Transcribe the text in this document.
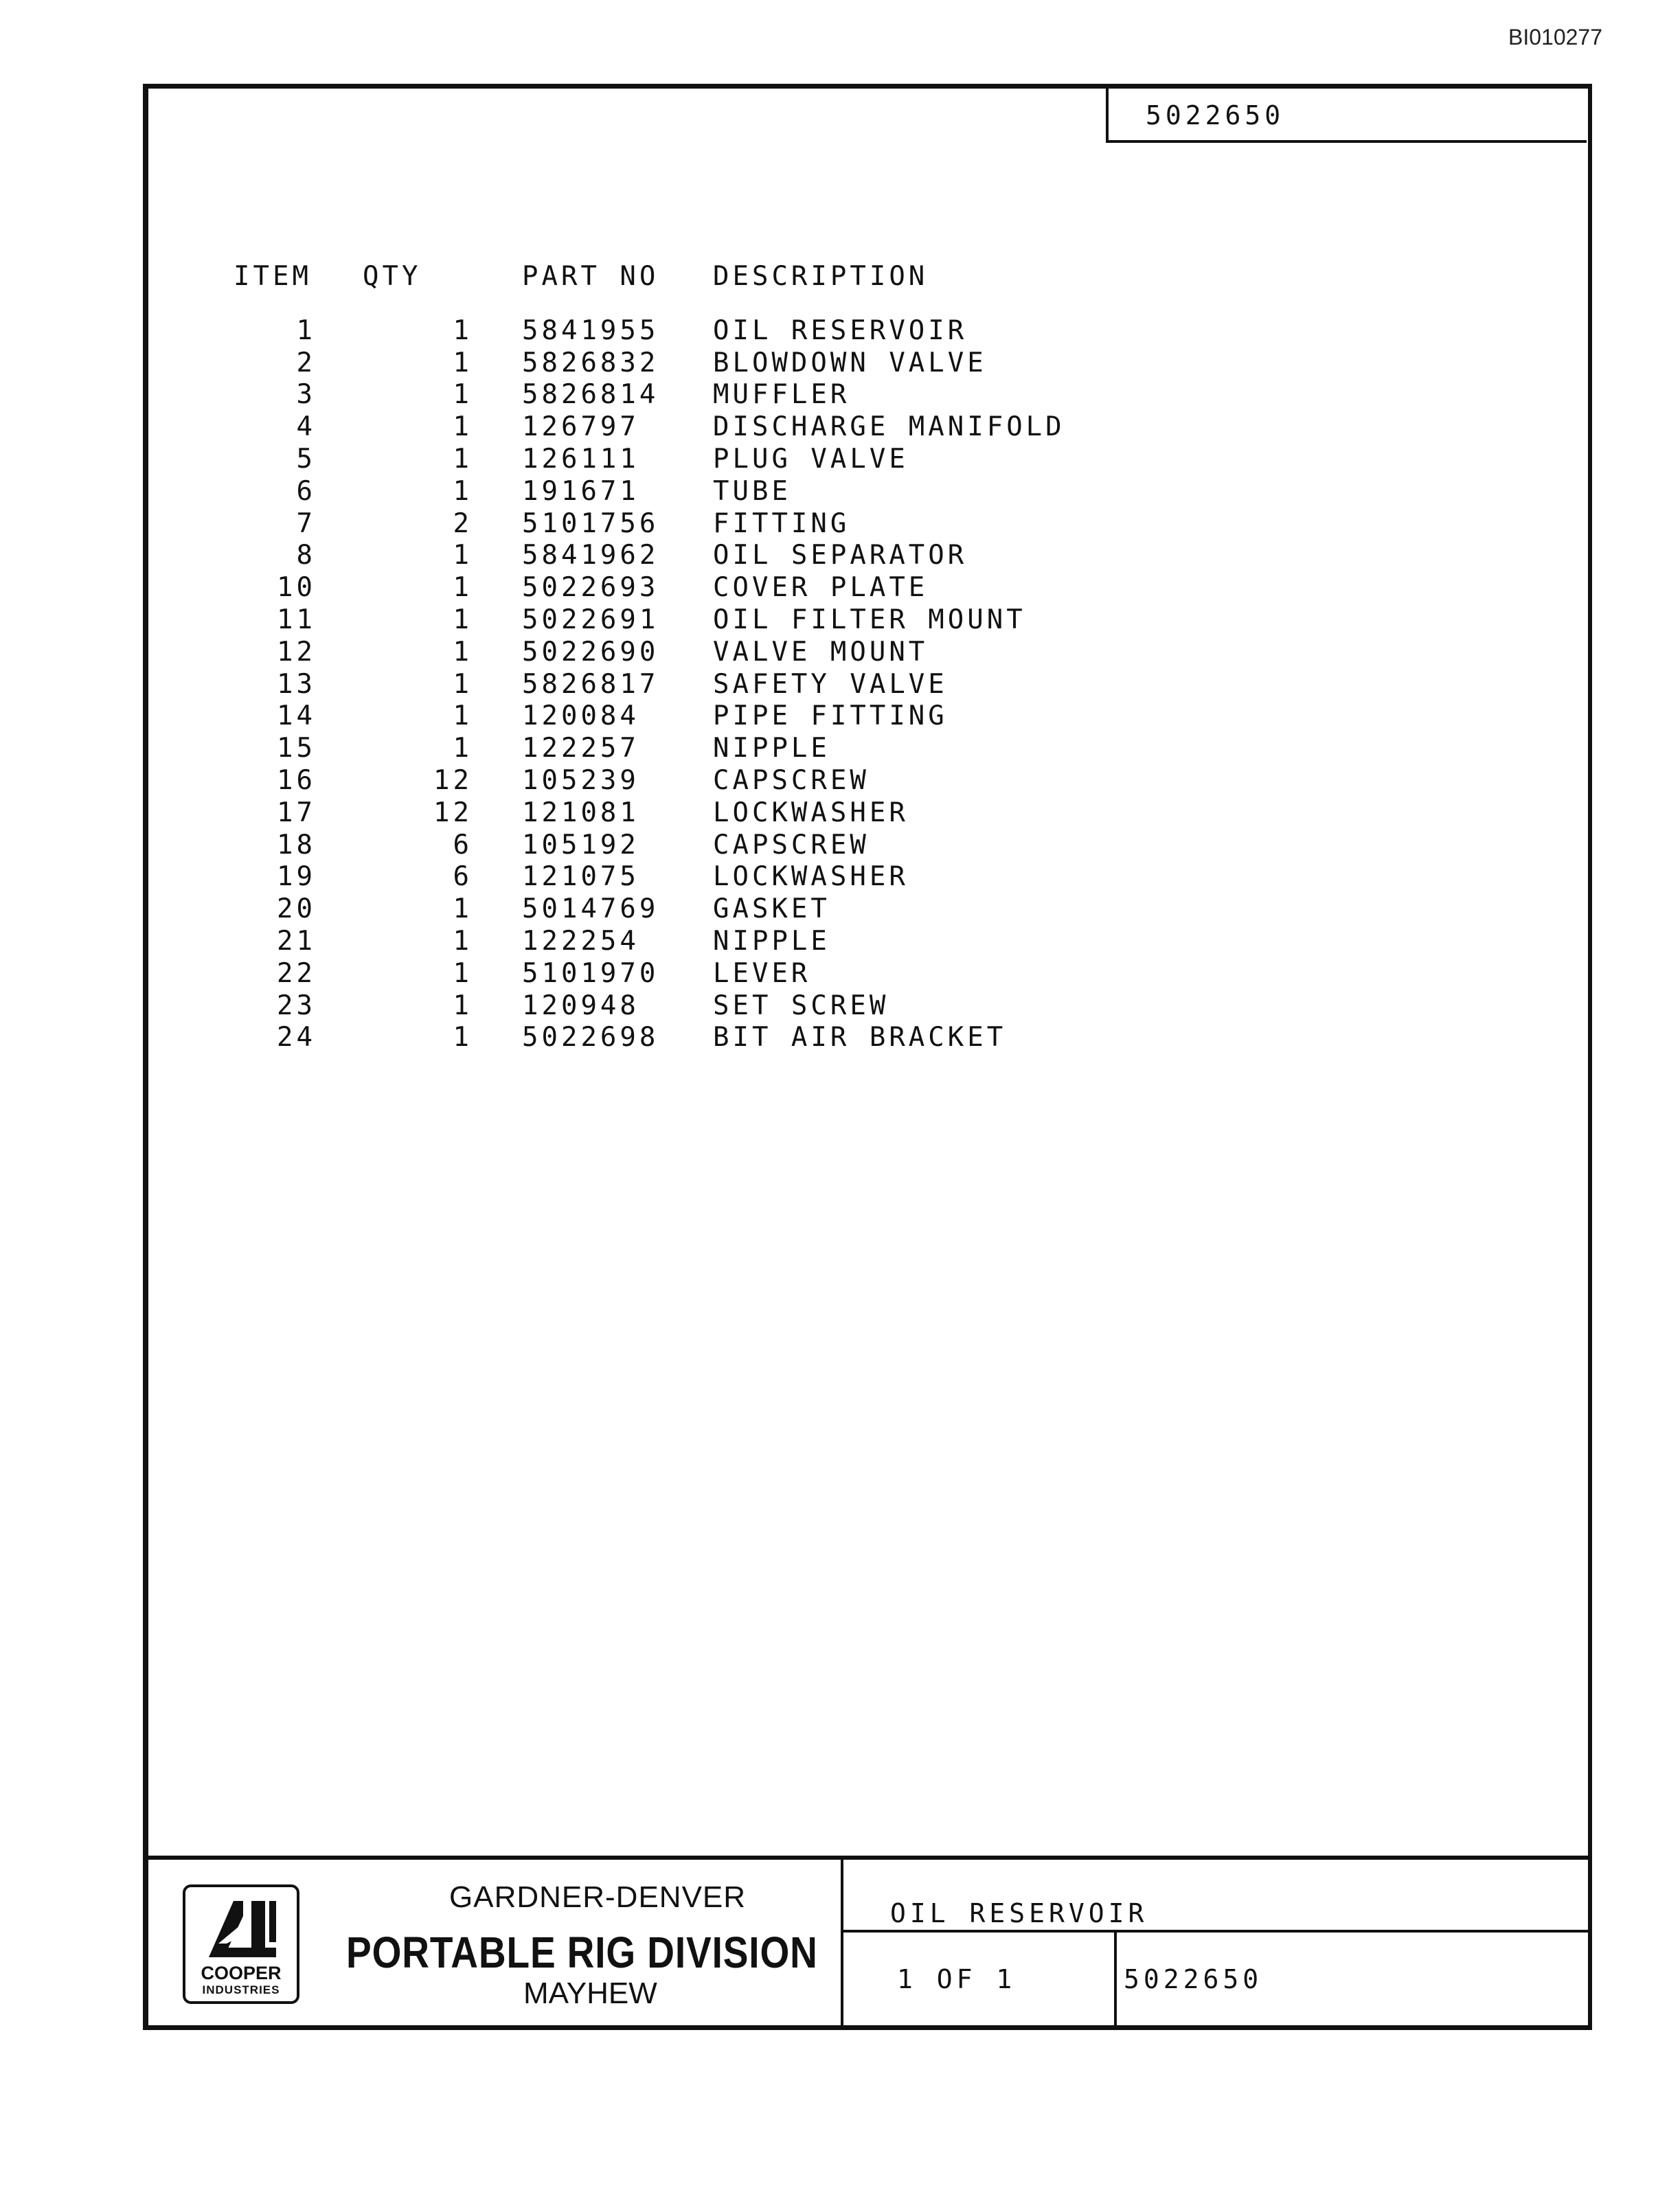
BI010277
5022650
ITEM	QTY	PART NO	DESCRIPTION

1	1	5841955	OIL RESERVOIR
2	1	5826832	BLOWDOWN VALVE
3	1	5826814	MUFFLER
4	1	126797	DISCHARGE MANIFOLD
5	1	126111	PLUG VALVE
6	1	191671	TUBE
7	2	5101756	FITTING
8	1	5841962	OIL SEPARATOR
10	1	5022693	COVER PLATE
11	1	5022691	OIL FILTER MOUNT
12	1	5022690	VALVE MOUNT
13	1	5826817	SAFETY VALVE
14	1	120084	PIPE FITTING
15	1	122257	NIPPLE
16	12	105239	CAPSCREW
17	12	121081	LOCKWASHER
18	6	105192	CAPSCREW
19	6	121075	LOCKWASHER
20	1	5014769	GASKET
21	1	122254	NIPPLE
22	1	5101970	LEVER
23	1	120948	SET SCREW
24	1	5022698	BIT AIR BRACKET
COOPER
INDUSTRIES
GARDNER-DENVER
PORTABLE RIG DIVISION
MAYHEW
OIL RESERVOIR
1 OF 1	5022650
